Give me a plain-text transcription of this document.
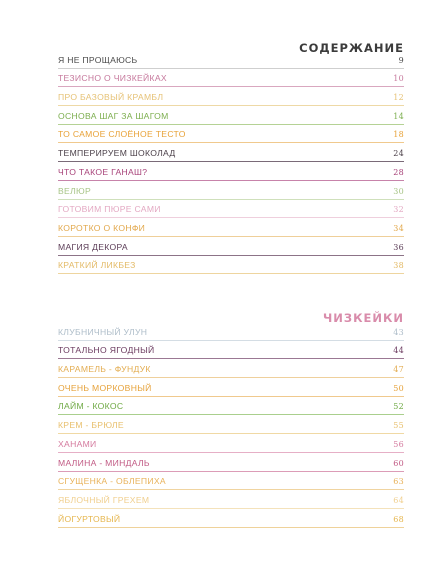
СОДЕРЖАНИЕ
Я НЕ ПРОЩАЮСЬ	9
ТЕЗИСНО О ЧИЗКЕЙКАХ	10
ПРО БАЗОВЫЙ КРАМБЛ	12
ОСНОВА ШАГ ЗА ШАГОМ	14
ТО САМОЕ СЛОЁНОЕ ТЕСТО	18
ТЕМПЕРИРУЕМ ШОКОЛАД	24
ЧТО ТАКОЕ ГАНАШ?	28
ВЕЛЮР	30
ГОТОВИМ ПЮРЕ САМИ	32
КОРОТКО О КОНФИ	34
МАГИЯ ДЕКОРА	36
КРАТКИЙ ЛИКБЕЗ	38
ЧИЗКЕЙКИ
КЛУБНИЧНЫЙ УЛУН	43
ТОТАЛЬНО ЯГОДНЫЙ	44
КАРАМЕЛЬ - ФУНДУК	47
ОЧЕНЬ МОРКОВНЫЙ	50
ЛАЙМ - КОКОС	52
КРЕМ - БРЮЛЕ	55
ХАНАМИ	56
МАЛИНА - МИНДАЛЬ	60
СГУЩЕНКА - ОБЛЕПИХА	63
ЯБЛОЧНЫЙ ГРЕХЕМ	64
ЙОГУРТОВЫЙ	68
